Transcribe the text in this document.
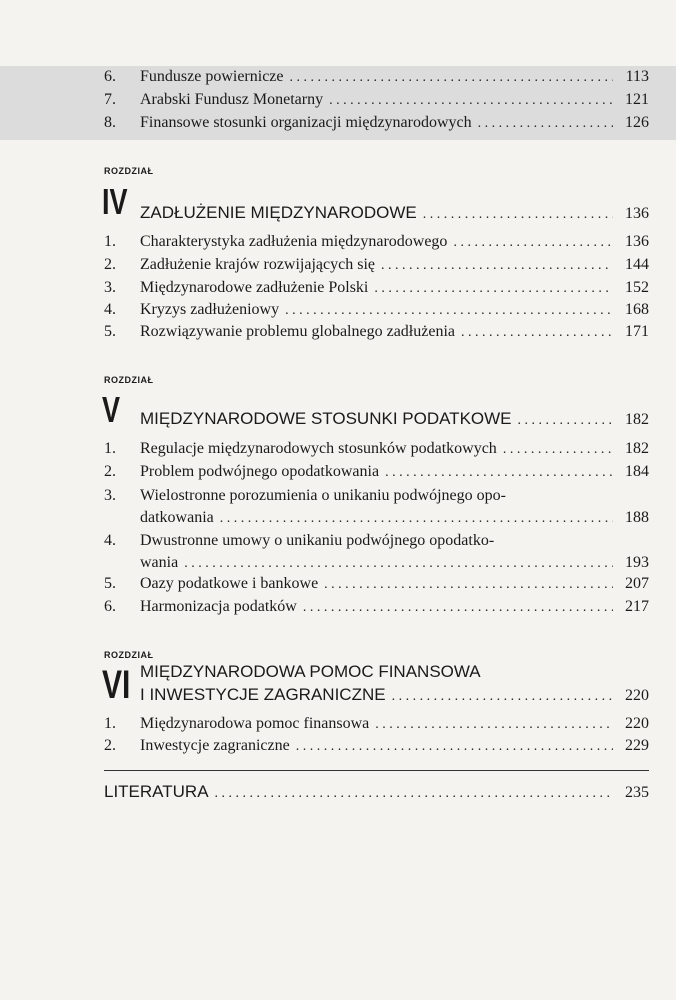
6.	Fundusze powiernicze . . .	113
7.	Arabski Fundusz Monetarny . . .	121
8.	Finansowe stosunki organizacji międzynarodowych . . .	126
ROZDZIAŁ
IV ZADŁUŻENIE MIĘDZYNARODOWE . . .	136
1.	Charakterystyka zadłużenia międzynarodowego . . .	136
2.	Zadłużenie krajów rozwijających się . . .	144
3.	Międzynarodowe zadłużenie Polski . . .	152
4.	Kryzys zadłużeniowy . . .	168
5.	Rozwiązywanie problemu globalnego zadłużenia . . .	171
ROZDZIAŁ
V MIĘDZYNARODOWE STOSUNKI PODATKOWE . . .	182
1.	Regulacje międzynarodowych stosunków podatkowych . . .	182
2.	Problem podwójnego opodatkowania . . .	184
3. Wielostronne porozumienia o unikaniu podwójnego opo-
datkowania . . .	188
4. Dwustronne umowy o unikaniu podwójnego opodatko-
wania . . .	193
5.	Oazy podatkowe i bankowe . . .	207
6.	Harmonizacja podatków . . .	217
ROZDZIAŁ
VI MIĘDZYNARODOWA POMOC FINANSOWA
I INWESTYCJE ZAGRANICZNE . . .	220
1.	Międzynarodowa pomoc finansowa . . .	220
2.	Inwestycje zagraniczne . . .	229
LITERATURA . . .	235
